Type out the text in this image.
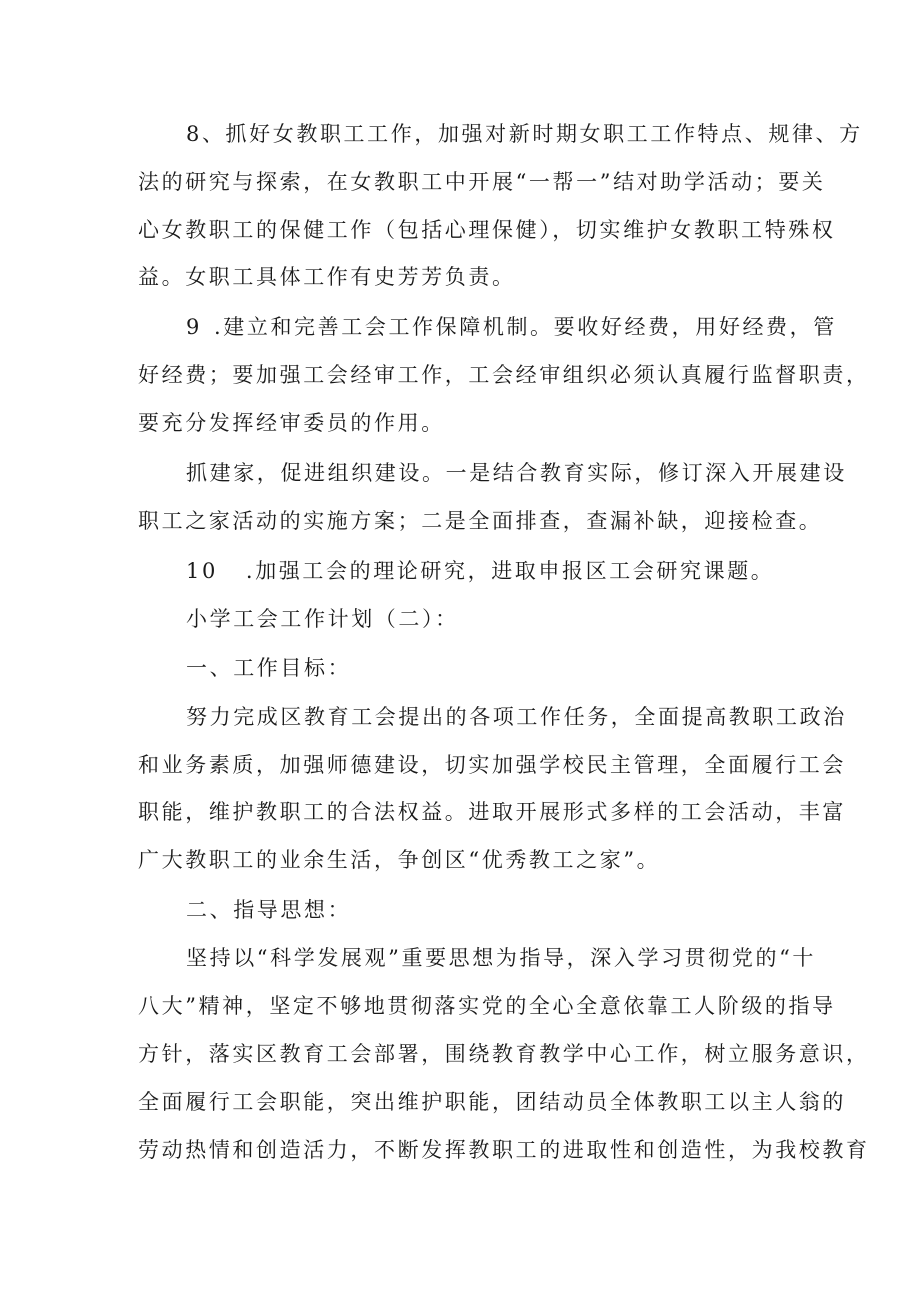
8、抓好女教职工工作，加强对新时期女职工工作特点、规律、方
法的研究与探索，在女教职工中开展“一帮一”结对助学活动；要关
心女教职工的保健工作（包括心理保健），切实维护女教职工特殊权
益。女职工具体工作有史芳芳负责。
9 .建立和完善工会工作保障机制。要收好经费，用好经费，管
好经费；要加强工会经审工作，工会经审组织必须认真履行监督职责，
要充分发挥经审委员的作用。
抓建家，促进组织建设。一是结合教育实际，修订深入开展建设
职工之家活动的实施方案；二是全面排查，查漏补缺，迎接检查。
10 .加强工会的理论研究，进取申报区工会研究课题。
小学工会工作计划（二）：
一、工作目标：
努力完成区教育工会提出的各项工作任务，全面提高教职工政治
和业务素质，加强师德建设，切实加强学校民主管理，全面履行工会
职能，维护教职工的合法权益。进取开展形式多样的工会活动，丰富
广大教职工的业余生活，争创区“优秀教工之家”。
二、指导思想：
坚持以“科学发展观”重要思想为指导，深入学习贯彻党的“十
八大”精神，坚定不够地贯彻落实党的全心全意依靠工人阶级的指导
方针，落实区教育工会部署，围绕教育教学中心工作，树立服务意识，
全面履行工会职能，突出维护职能，团结动员全体教职工以主人翁的
劳动热情和创造活力，不断发挥教职工的进取性和创造性，为我校教育
